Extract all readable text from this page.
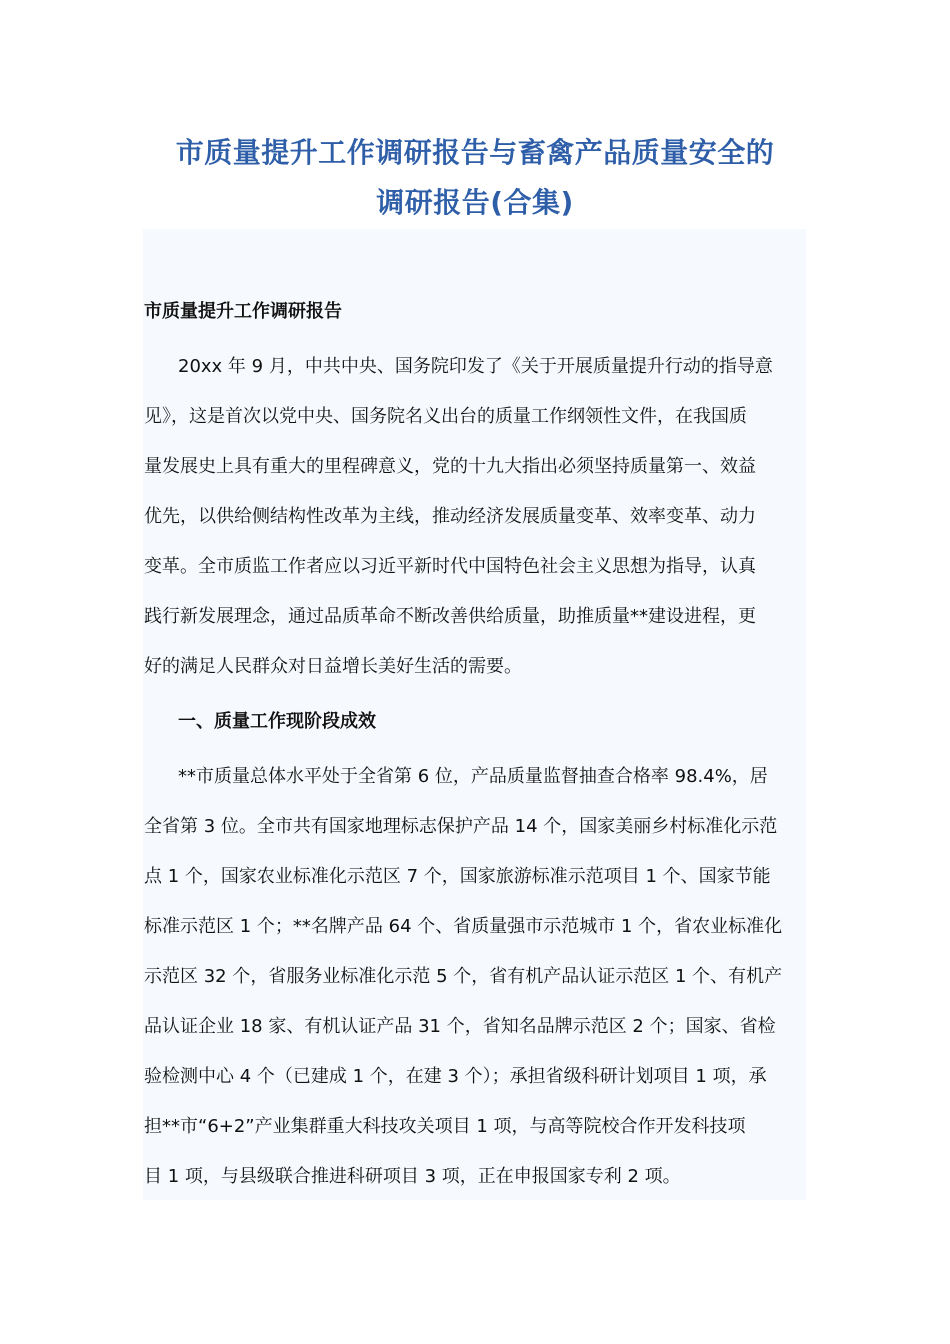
市质量提升工作调研报告与畜禽产品质量安全的
调研报告(合集)
市质量提升工作调研报告
20xx 年 9 月，中共中央、国务院印发了《关于开展质量提升行动的指导意
见》，这是首次以党中央、国务院名义出台的质量工作纲领性文件，在我国质
量发展史上具有重大的里程碑意义，党的十九大指出必须坚持质量第一、效益
优先，以供给侧结构性改革为主线，推动经济发展质量变革、效率变革、动力
变革。全市质监工作者应以习近平新时代中国特色社会主义思想为指导，认真
践行新发展理念，通过品质革命不断改善供给质量，助推质量**建设进程，更
好的满足人民群众对日益增长美好生活的需要。
一、质量工作现阶段成效
**市质量总体水平处于全省第 6 位，产品质量监督抽查合格率 98.4%，居
全省第 3 位。全市共有国家地理标志保护产品 14 个，国家美丽乡村标准化示范
点 1 个，国家农业标准化示范区 7 个，国家旅游标准示范项目 1 个、国家节能
标准示范区 1 个；**名牌产品 64 个、省质量强市示范城市 1 个，省农业标准化
示范区 32 个，省服务业标准化示范 5 个，省有机产品认证示范区 1 个、有机产
品认证企业 18 家、有机认证产品 31 个，省知名品牌示范区 2 个；国家、省检
验检测中心 4 个（已建成 1 个，在建 3 个）；承担省级科研计划项目 1 项，承
担**市“6+2”产业集群重大科技攻关项目 1 项，与高等院校合作开发科技项
目 1 项，与县级联合推进科研项目 3 项，正在申报国家专利 2 项。
